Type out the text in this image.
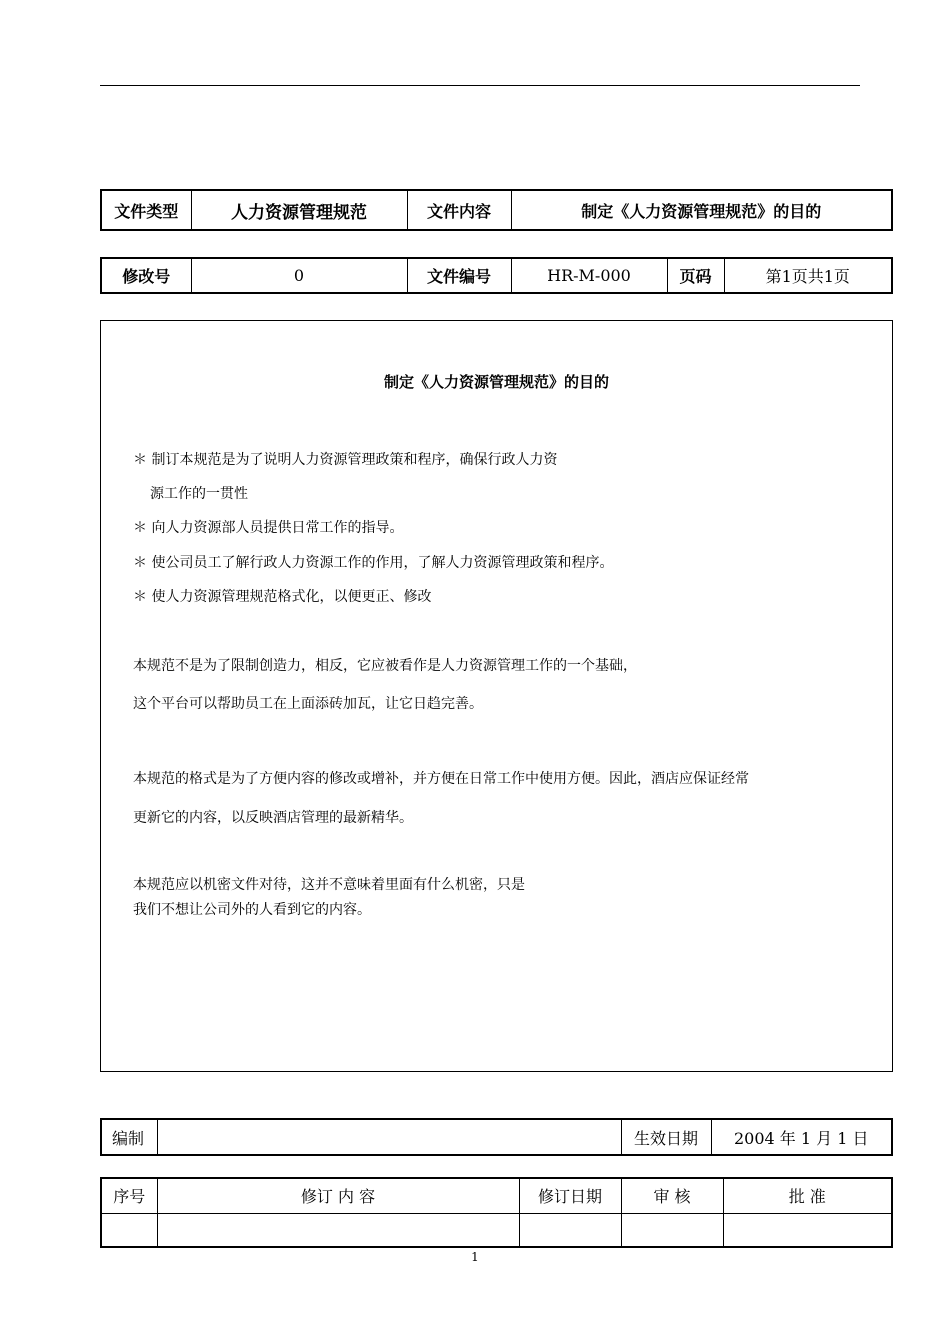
文件类型	人力资源管理规范	文件内容	制定《人力资源管理规范》的目的
修改号	0	文件编号	HR-M-000	页码	第1页共1页
制定《人力资源管理规范》的目的
＊ 制订本规范是为了说明人力资源管理政策和程序，确保行政人力资
源工作的一贯性
＊ 向人力资源部人员提供日常工作的指导。
＊ 使公司员工了解行政人力资源工作的作用，了解人力资源管理政策和程序。
＊ 使人力资源管理规范格式化，以便更正、修改
本规范不是为了限制创造力，相反，它应被看作是人力资源管理工作的一个基础，
这个平台可以帮助员工在上面添砖加瓦，让它日趋完善。
本规范的格式是为了方便内容的修改或增补，并方便在日常工作中使用方便。因此，酒店应保证经常
更新它的内容，以反映酒店管理的最新精华。
本规范应以机密文件对待，这并不意味着里面有什么机密，只是
我们不想让公司外的人看到它的内容。
编制		生效日期	2004 年 1 月 1 日
序号	修订 内 容	修订日期	审 核	批 准

1
